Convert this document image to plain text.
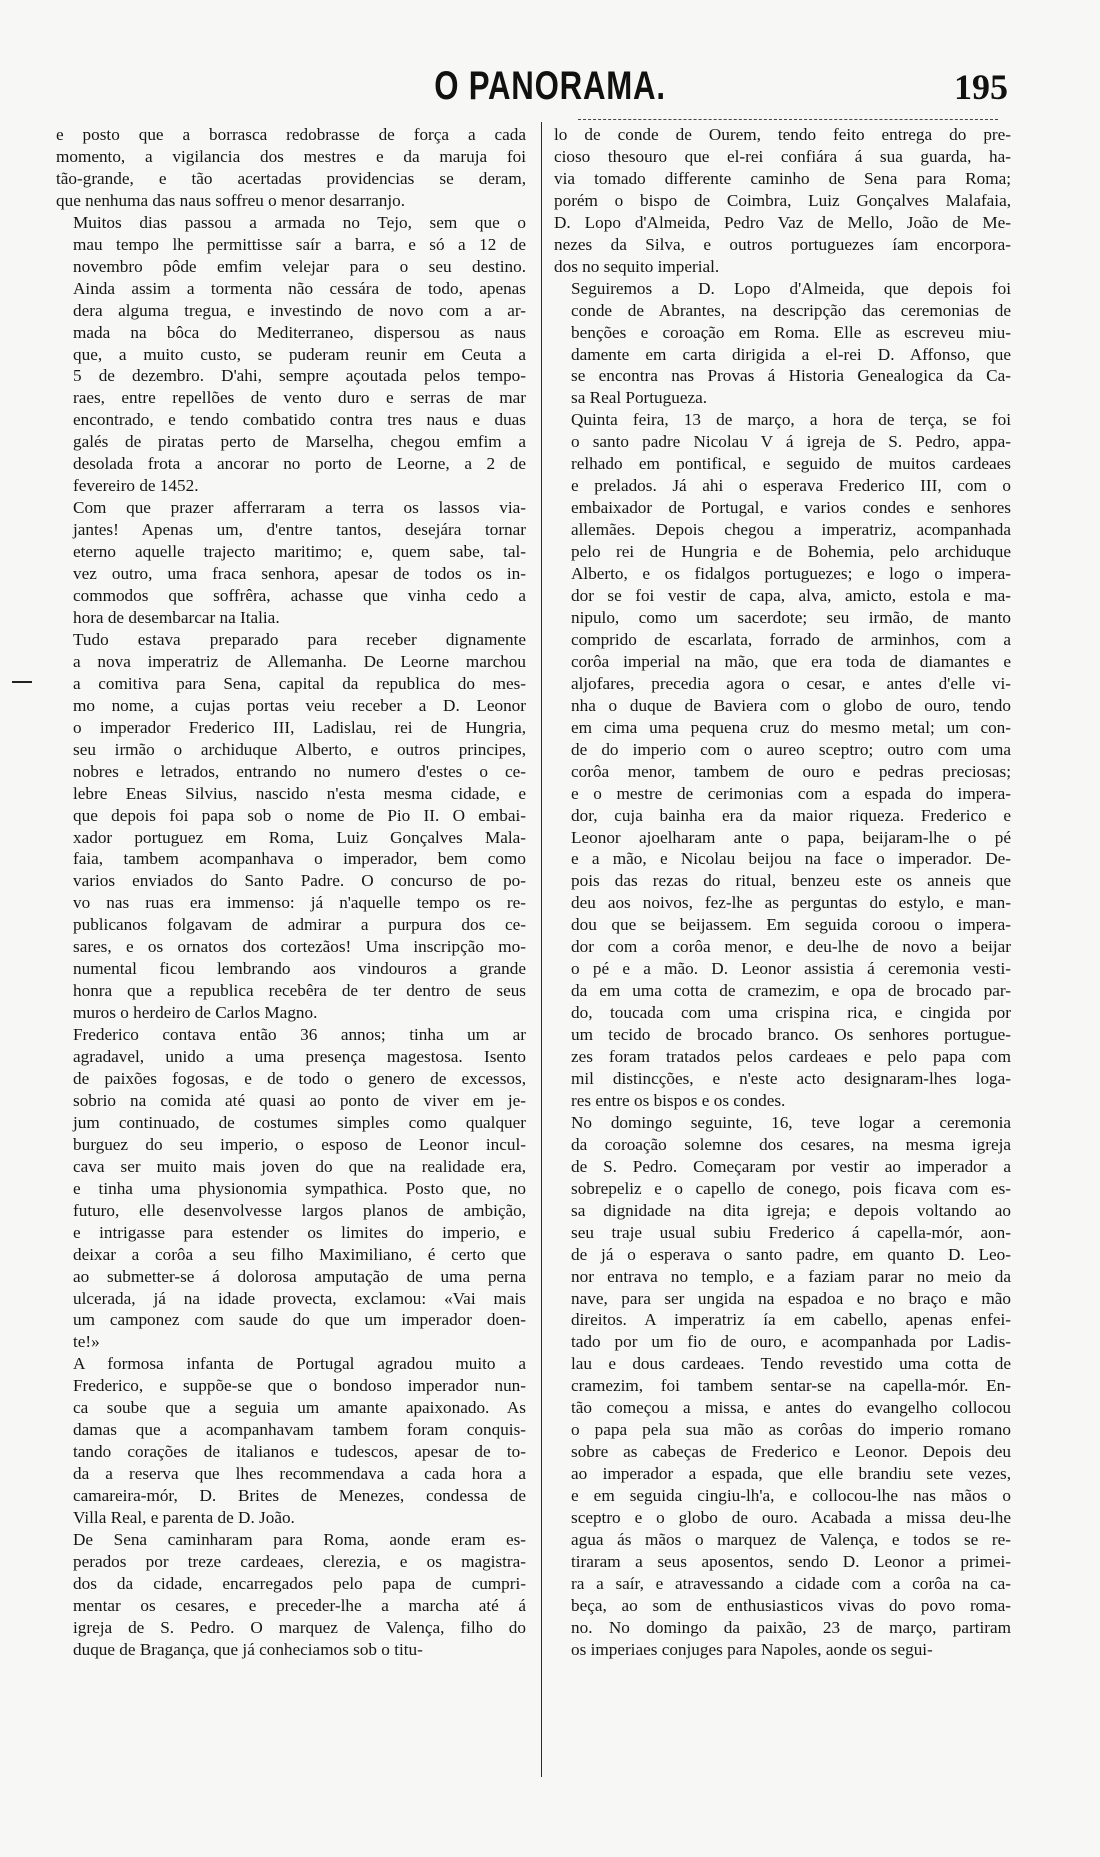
O PANORAMA.	195

e posto que a borrasca redobrasse de força a cada
momento, a vigilancia dos mestres e da maruja foi
tão-grande, e tão acertadas providencias se deram,
que nenhuma das naus soffreu o menor desarranjo.

Muitos dias passou a armada no Tejo, sem que o
mau tempo lhe permittisse saír a barra, e só a 12 de
novembro pôde emfim velejar para o seu destino.
Ainda assim a tormenta não cessára de todo, apenas
dera alguma tregua, e investindo de novo com a ar-
mada na bôca do Mediterraneo, dispersou as naus
que, a muito custo, se puderam reunir em Ceuta a
5 de dezembro. D'ahi, sempre açoutada pelos tempo-
raes, entre repellões de vento duro e serras de mar
encontrado, e tendo combatido contra tres naus e duas
galés de piratas perto de Marselha, chegou emfim a
desolada frota a ancorar no porto de Leorne, a 2 de
fevereiro de 1452.

Com que prazer afferraram a terra os lassos via-
jantes! Apenas um, d'entre tantos, desejára tornar
eterno aquelle trajecto maritimo; e, quem sabe, tal-
vez outro, uma fraca senhora, apesar de todos os in-
commodos que soffrêra, achasse que vinha cedo a
hora de desembarcar na Italia.

Tudo estava preparado para receber dignamente
a nova imperatriz de Allemanha. De Leorne marchou
a comitiva para Sena, capital da republica do mes-
mo nome, a cujas portas veiu receber a D. Leonor
o imperador Frederico III, Ladislau, rei de Hungria,
seu irmão o archiduque Alberto, e outros principes,
nobres e letrados, entrando no numero d'estes o ce-
lebre Eneas Silvius, nascido n'esta mesma cidade, e
que depois foi papa sob o nome de Pio II. O embai-
xador portuguez em Roma, Luiz Gonçalves Mala-
faia, tambem acompanhava o imperador, bem como
varios enviados do Santo Padre. O concurso de po-
vo nas ruas era immenso: já n'aquelle tempo os re-
publicanos folgavam de admirar a purpura dos ce-
sares, e os ornatos dos cortezãos! Uma inscripção mo-
numental ficou lembrando aos vindouros a grande
honra que a republica recebêra de ter dentro de seus
muros o herdeiro de Carlos Magno.

Frederico contava então 36 annos; tinha um ar
agradavel, unido a uma presença magestosa. Isento
de paixões fogosas, e de todo o genero de excessos,
sobrio na comida até quasi ao ponto de viver em je-
jum continuado, de costumes simples como qualquer
burguez do seu imperio, o esposo de Leonor incul-
cava ser muito mais joven do que na realidade era,
e tinha uma physionomia sympathica. Posto que, no
futuro, elle desenvolvesse largos planos de ambição,
e intrigasse para estender os limites do imperio, e
deixar a corôa a seu filho Maximiliano, é certo que
ao submetter-se á dolorosa amputação de uma perna
ulcerada, já na idade provecta, exclamou: «Vai mais
um camponez com saude do que um imperador doen-
te!»

A formosa infanta de Portugal agradou muito a
Frederico, e suppõe-se que o bondoso imperador nun-
ca soube que a seguia um amante apaixonado. As
damas que a acompanhavam tambem foram conquis-
tando corações de italianos e tudescos, apesar de to-
da a reserva que lhes recommendava a cada hora a
camareira-mór, D. Brites de Menezes, condessa de
Villa Real, e parenta de D. João.

De Sena caminharam para Roma, aonde eram es-
perados por treze cardeaes, clerezia, e os magistra-
dos da cidade, encarregados pelo papa de cumpri-
mentar os cesares, e preceder-lhe a marcha até á
igreja de S. Pedro. O marquez de Valença, filho do
duque de Bragança, que já conheciamos sob o titu-

lo de conde de Ourem, tendo feito entrega do pre-
cioso thesouro que el-rei confiára á sua guarda, ha-
via tomado differente caminho de Sena para Roma;
porém o bispo de Coimbra, Luiz Gonçalves Malafaia,
D. Lopo d'Almeida, Pedro Vaz de Mello, João de Me-
nezes da Silva, e outros portuguezes íam encorpora-
dos no sequito imperial.

Seguiremos a D. Lopo d'Almeida, que depois foi
conde de Abrantes, na descripção das ceremonias de
benções e coroação em Roma. Elle as escreveu miu-
damente em carta dirigida a el-rei D. Affonso, que
se encontra nas Provas á Historia Genealogica da Ca-
sa Real Portugueza.

Quinta feira, 13 de março, a hora de terça, se foi
o santo padre Nicolau V á igreja de S. Pedro, appa-
relhado em pontifical, e seguido de muitos cardeaes
e prelados. Já ahi o esperava Frederico III, com o
embaixador de Portugal, e varios condes e senhores
allemães. Depois chegou a imperatriz, acompanhada
pelo rei de Hungria e de Bohemia, pelo archiduque
Alberto, e os fidalgos portuguezes; e logo o impera-
dor se foi vestir de capa, alva, amicto, estola e ma-
nipulo, como um sacerdote; seu irmão, de manto
comprido de escarlata, forrado de arminhos, com a
corôa imperial na mão, que era toda de diamantes e
aljofares, precedia agora o cesar, e antes d'elle vi-
nha o duque de Baviera com o globo de ouro, tendo
em cima uma pequena cruz do mesmo metal; um con-
de do imperio com o aureo sceptro; outro com uma
corôa menor, tambem de ouro e pedras preciosas;
e o mestre de cerimonias com a espada do impera-
dor, cuja bainha era da maior riqueza. Frederico e
Leonor ajoelharam ante o papa, beijaram-lhe o pé
e a mão, e Nicolau beijou na face o imperador. De-
pois das rezas do ritual, benzeu este os anneis que
deu aos noivos, fez-lhe as perguntas do estylo, e man-
dou que se beijassem. Em seguida coroou o impera-
dor com a corôa menor, e deu-lhe de novo a beijar
o pé e a mão. D. Leonor assistia á ceremonia vesti-
da em uma cotta de cramezim, e opa de brocado par-
do, toucada com uma crispina rica, e cingida por
um tecido de brocado branco. Os senhores portugue-
zes foram tratados pelos cardeaes e pelo papa com
mil distincções, e n'este acto designaram-lhes loga-
res entre os bispos e os condes.

No domingo seguinte, 16, teve logar a ceremonia
da coroação solemne dos cesares, na mesma igreja
de S. Pedro. Começaram por vestir ao imperador a
sobrepeliz e o capello de conego, pois ficava com es-
sa dignidade na dita igreja; e depois voltando ao
seu traje usual subiu Frederico á capella-mór, aon-
de já o esperava o santo padre, em quanto D. Leo-
nor entrava no templo, e a faziam parar no meio da
nave, para ser ungida na espadoa e no braço e mão
direitos. A imperatriz ía em cabello, apenas enfei-
tado por um fio de ouro, e acompanhada por Ladis-
lau e dous cardeaes. Tendo revestido uma cotta de
cramezim, foi tambem sentar-se na capella-mór. En-
tão começou a missa, e antes do evangelho collocou
o papa pela sua mão as corôas do imperio romano
sobre as cabeças de Frederico e Leonor. Depois deu
ao imperador a espada, que elle brandiu sete vezes,
e em seguida cingiu-lh'a, e collocou-lhe nas mãos o
sceptro e o globo de ouro. Acabada a missa deu-lhe
agua ás mãos o marquez de Valença, e todos se re-
tiraram a seus aposentos, sendo D. Leonor a primei-
ra a saír, e atravessando a cidade com a corôa na ca-
beça, ao som de enthusiasticos vivas do povo roma-
no. No domingo da paixão, 23 de março, partiram
os imperiaes conjuges para Napoles, aonde os segui-
